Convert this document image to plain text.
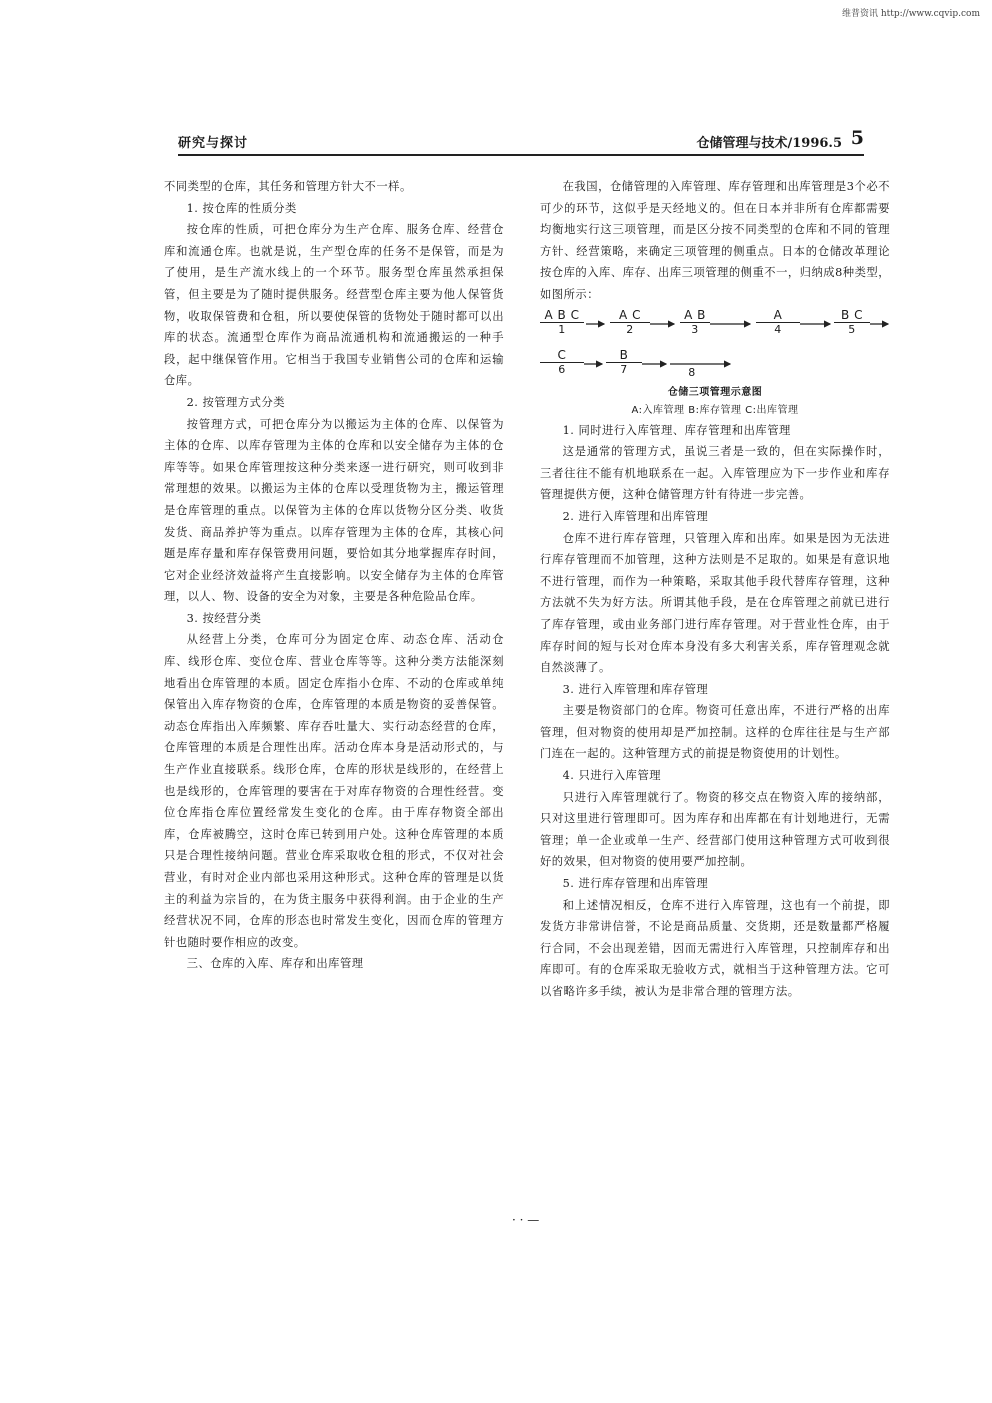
维普资讯 http://www.cqvip.com
研究与探讨	仓储管理与技术/1996.5 5

不同类型的仓库，其任务和管理方针大不一样。

1. 按仓库的性质分类

按仓库的性质，可把仓库分为生产仓库、服务仓库、经营仓库和流通仓库。也就是说，生产型仓库的任务不是保管，而是为了使用，是生产流水线上的一个环节。服务型仓库虽然承担保管，但主要是为了随时提供服务。经营型仓库主要为他人保管货物，收取保管费和仓租，所以要使保管的货物处于随时都可以出库的状态。流通型仓库作为商品流通机构和流通搬运的一种手段，起中继保管作用。它相当于我国专业销售公司的仓库和运输仓库。

2. 按管理方式分类

按管理方式，可把仓库分为以搬运为主体的仓库、以保管为主体的仓库、以库存管理为主体的仓库和以安全储存为主体的仓库等等。如果仓库管理按这种分类来逐一进行研究，则可收到非常理想的效果。以搬运为主体的仓库以受理货物为主，搬运管理是仓库管理的重点。以保管为主体的仓库以货物分区分类、收货发货、商品养护等为重点。以库存管理为主体的仓库，其核心问题是库存量和库存保管费用问题，要恰如其分地掌握库存时间，它对企业经济效益将产生直接影响。以安全储存为主体的仓库管理，以人、物、设备的安全为对象，主要是各种危险品仓库。

3. 按经营分类

从经营上分类，仓库可分为固定仓库、动态仓库、活动仓库、线形仓库、变位仓库、营业仓库等等。这种分类方法能深刻地看出仓库管理的本质。固定仓库指小仓库、不动的仓库或单纯保管出入库存物资的仓库，仓库管理的本质是物资的妥善保管。动态仓库指出入库频繁、库存吞吐量大、实行动态经营的仓库，仓库管理的本质是合理性出库。活动仓库本身是活动形式的，与生产作业直接联系。线形仓库，仓库的形状是线形的，在经营上也是线形的，仓库管理的要害在于对库存物资的合理性经营。变位仓库指仓库位置经常发生变化的仓库。由于库存物资全部出库，仓库被腾空，这时仓库已转到用户处。这种仓库管理的本质只是合理性接纳问题。营业仓库采取收仓租的形式，不仅对社会营业，有时对企业内部也采用这种形式。这种仓库的管理是以货主的利益为宗旨的，在为货主服务中获得利润。由于企业的生产经营状况不同，仓库的形态也时常发生变化，因而仓库的管理方针也随时要作相应的改变。

三、仓库的入库、库存和出库管理

在我国，仓储管理的入库管理、库存管理和出库管理是3个必不可少的环节，这似乎是天经地义的。但在日本并非所有仓库都需要均衡地实行这三项管理，而是区分按不同类型的仓库和不同的管理方针、经营策略，来确定三项管理的侧重点。日本的仓储改革理论按仓库的入库、库存、出库三项管理的侧重不一，归纳成8种类型，如图所示：

A B C
1
A C
2
A B
3
A
4
B C
5
C
6
B
7	8
仓储三项管理示意图
A:入库管理 B:库存管理 C:出库管理
1. 同时进行入库管理、库存管理和出库管理

这是通常的管理方式，虽说三者是一致的，但在实际操作时，三者往往不能有机地联系在一起。入库管理应为下一步作业和库存管理提供方便，这种仓储管理方针有待进一步完善。

2. 进行入库管理和出库管理

仓库不进行库存管理，只管理入库和出库。如果是因为无法进行库存管理而不加管理，这种方法则是不足取的。如果是有意识地不进行管理，而作为一种策略，采取其他手段代替库存管理，这种方法就不失为好方法。所谓其他手段，是在仓库管理之前就已进行了库存管理，或由业务部门进行库存管理。对于营业性仓库，由于库存时间的短与长对仓库本身没有多大利害关系，库存管理观念就自然淡薄了。

3. 进行入库管理和库存管理

主要是物资部门的仓库。物资可任意出库，不进行严格的出库管理，但对物资的使用却是严加控制。这样的仓库往往是与生产部门连在一起的。这种管理方式的前提是物资使用的计划性。

4. 只进行入库管理

只进行入库管理就行了。物资的移交点在物资入库的接纳部，只对这里进行管理即可。因为库存和出库都在有计划地进行，无需管理；单一企业或单一生产、经营部门使用这种管理方式可收到很好的效果，但对物资的使用要严加控制。

5. 进行库存管理和出库管理

和上述情况相反，仓库不进行入库管理，这也有一个前提，即发货方非常讲信誉，不论是商品质量、交货期，还是数量都严格履行合同，不会出现差错，因而无需进行入库管理，只控制库存和出库即可。有的仓库采取无验收方式，就相当于这种管理方法。它可以省略许多手续，被认为是非常合理的管理方法。

· · —
